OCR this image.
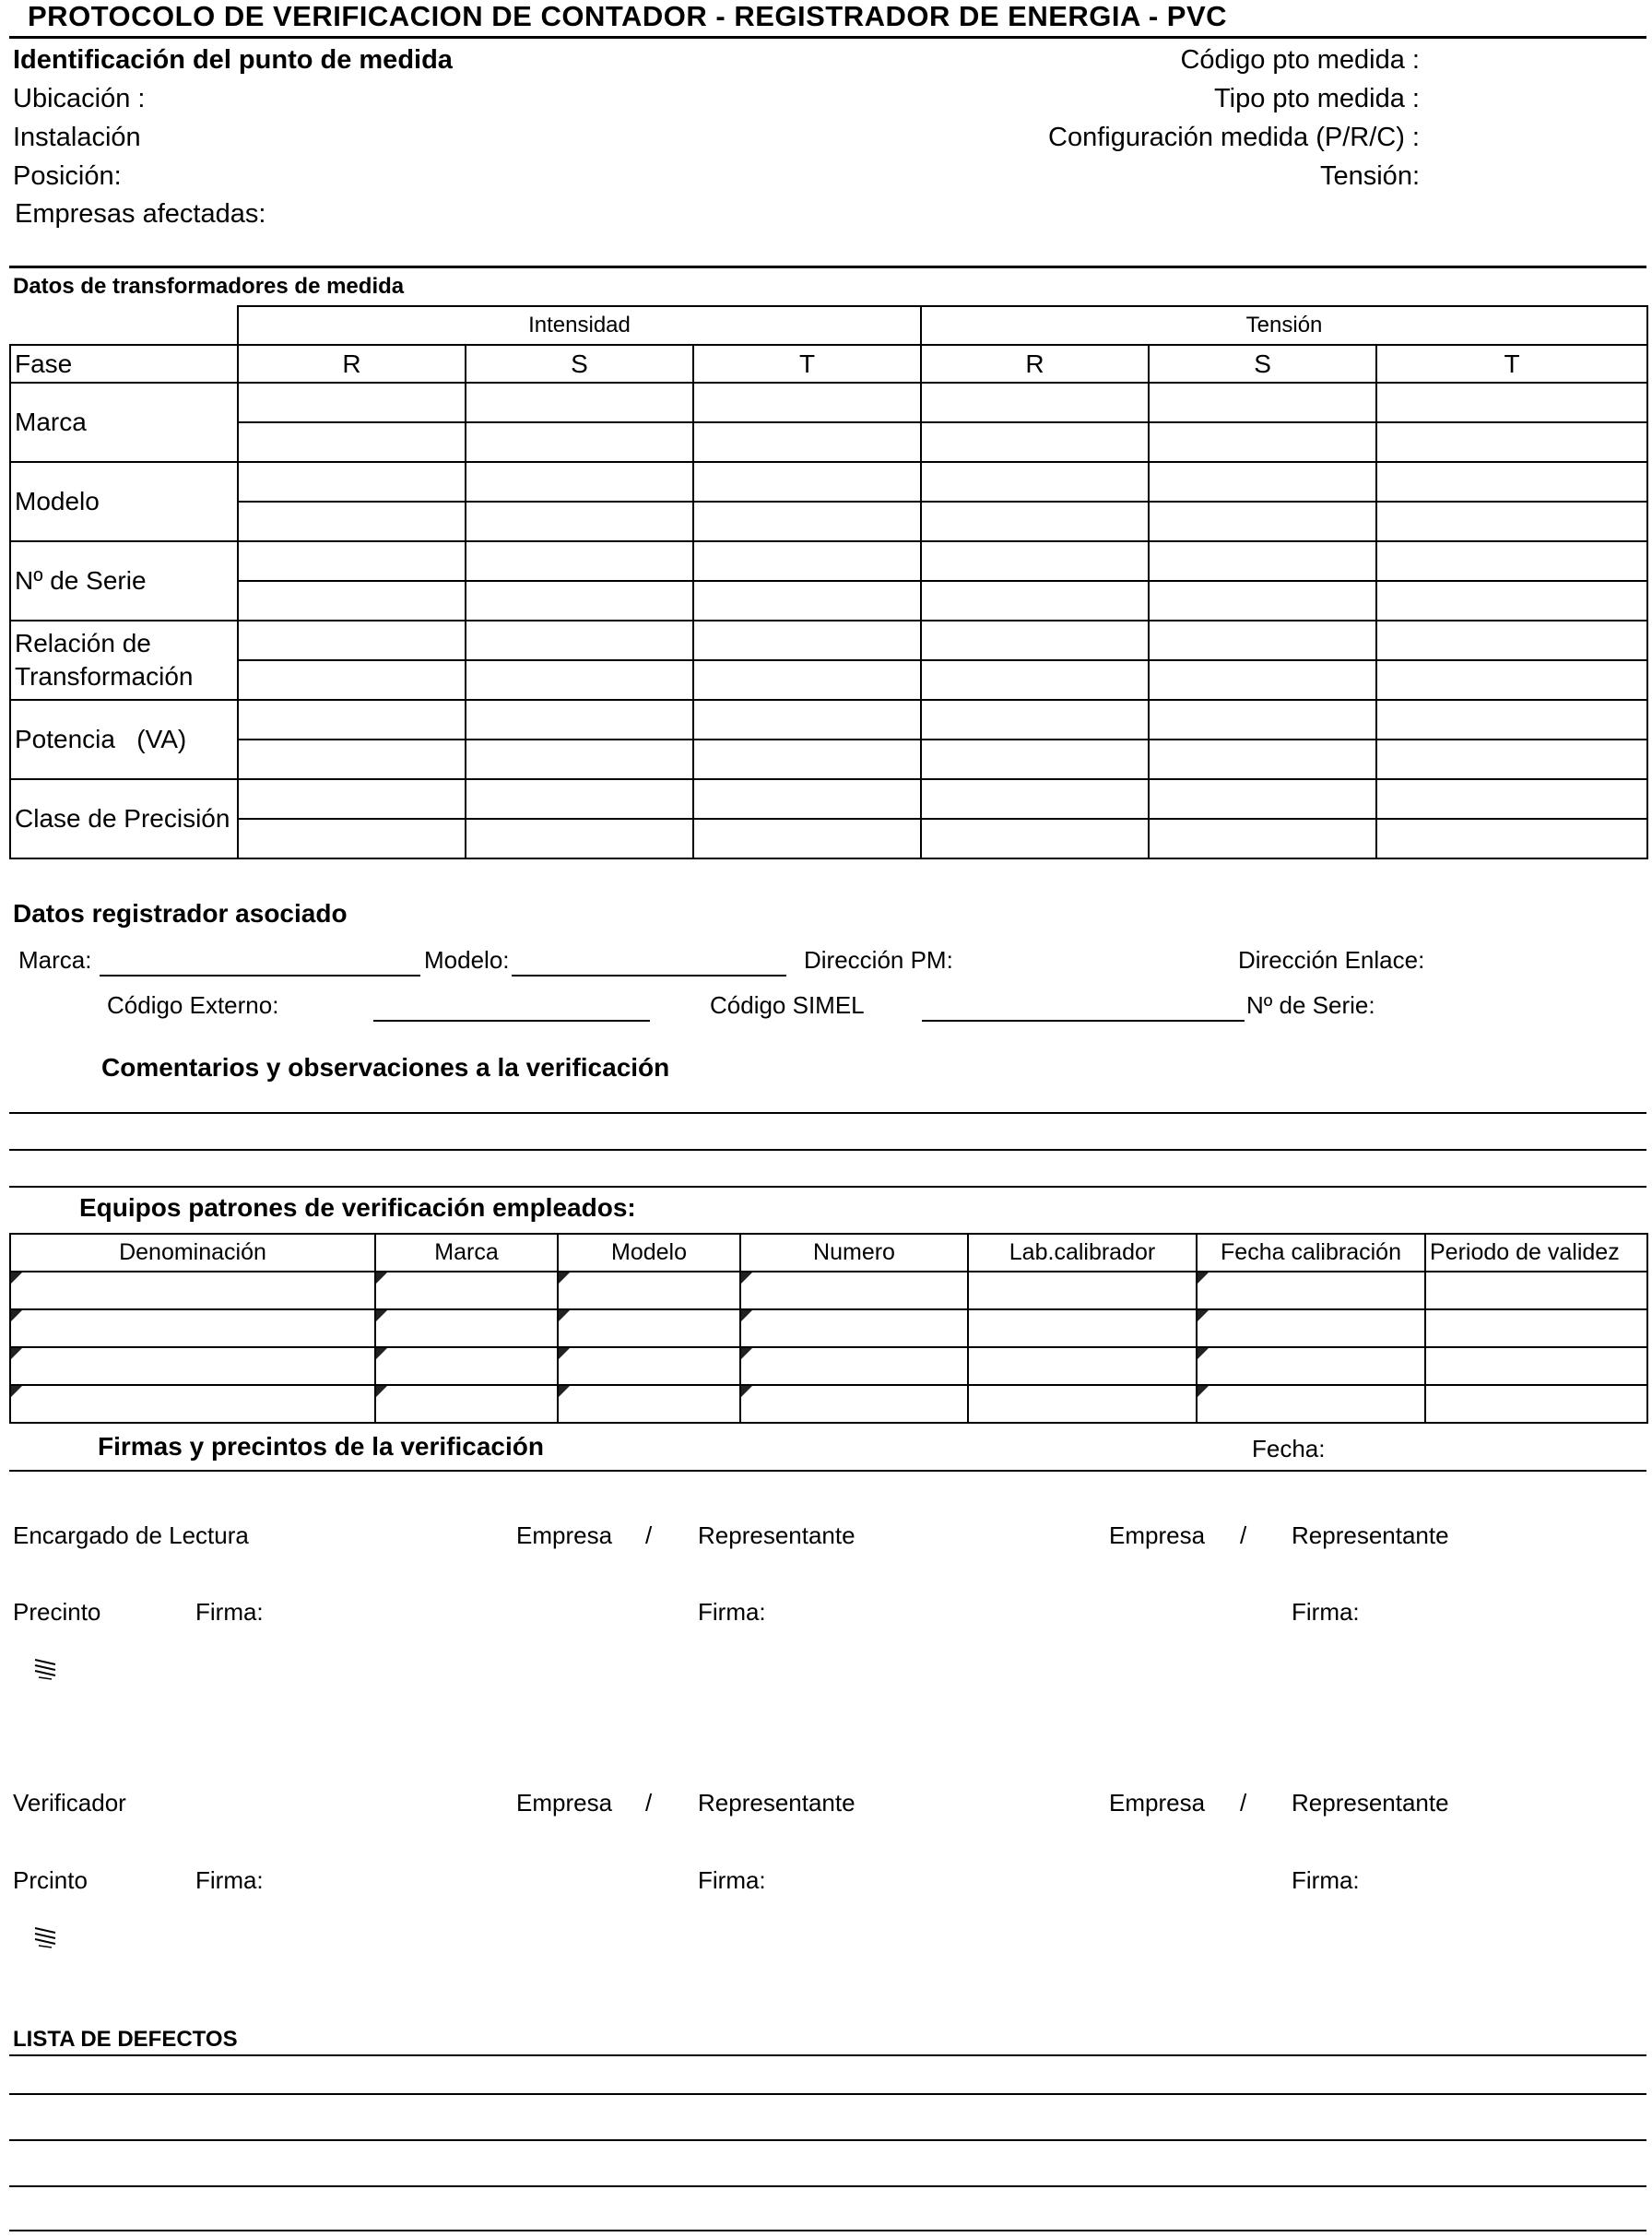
PROTOCOLO DE VERIFICACION DE CONTADOR - REGISTRADOR DE ENERGIA - PVC
Identificación del punto de medida
Ubicación :
Instalación
Posición:
Empresas afectadas:
Código pto medida :
Tipo pto medida :
Configuración medida (P/R/C) :
Tensión:
Datos de transformadores de medida
	Intensidad			Tensión		
Fase	R	S	T	R	S	T
Marca						

Modelo						

Nº de Serie						

Relación de Transformación						

Potencia   (VA)						

Clase de Precisión						

Datos registrador asociado
Marca:	Modelo:	Dirección PM:	Dirección Enlace:
Código Externo:	Código SIMEL	Nº de Serie:
Comentarios y observaciones a la verificación
Equipos patrones de verificación empleados:
Denominación	Marca	Modelo	Numero	Lab.calibrador	Fecha calibración	Periodo de validez

Firmas y precintos de la verificación	Fecha:
Encargado de Lectura	Empresa / Representante	Empresa / Representante
Precinto	Firma:	Firma:	Firma:
Verificador	Empresa / Representante	Empresa / Representante
Prcinto	Firma:	Firma:	Firma:
LISTA DE DEFECTOS
